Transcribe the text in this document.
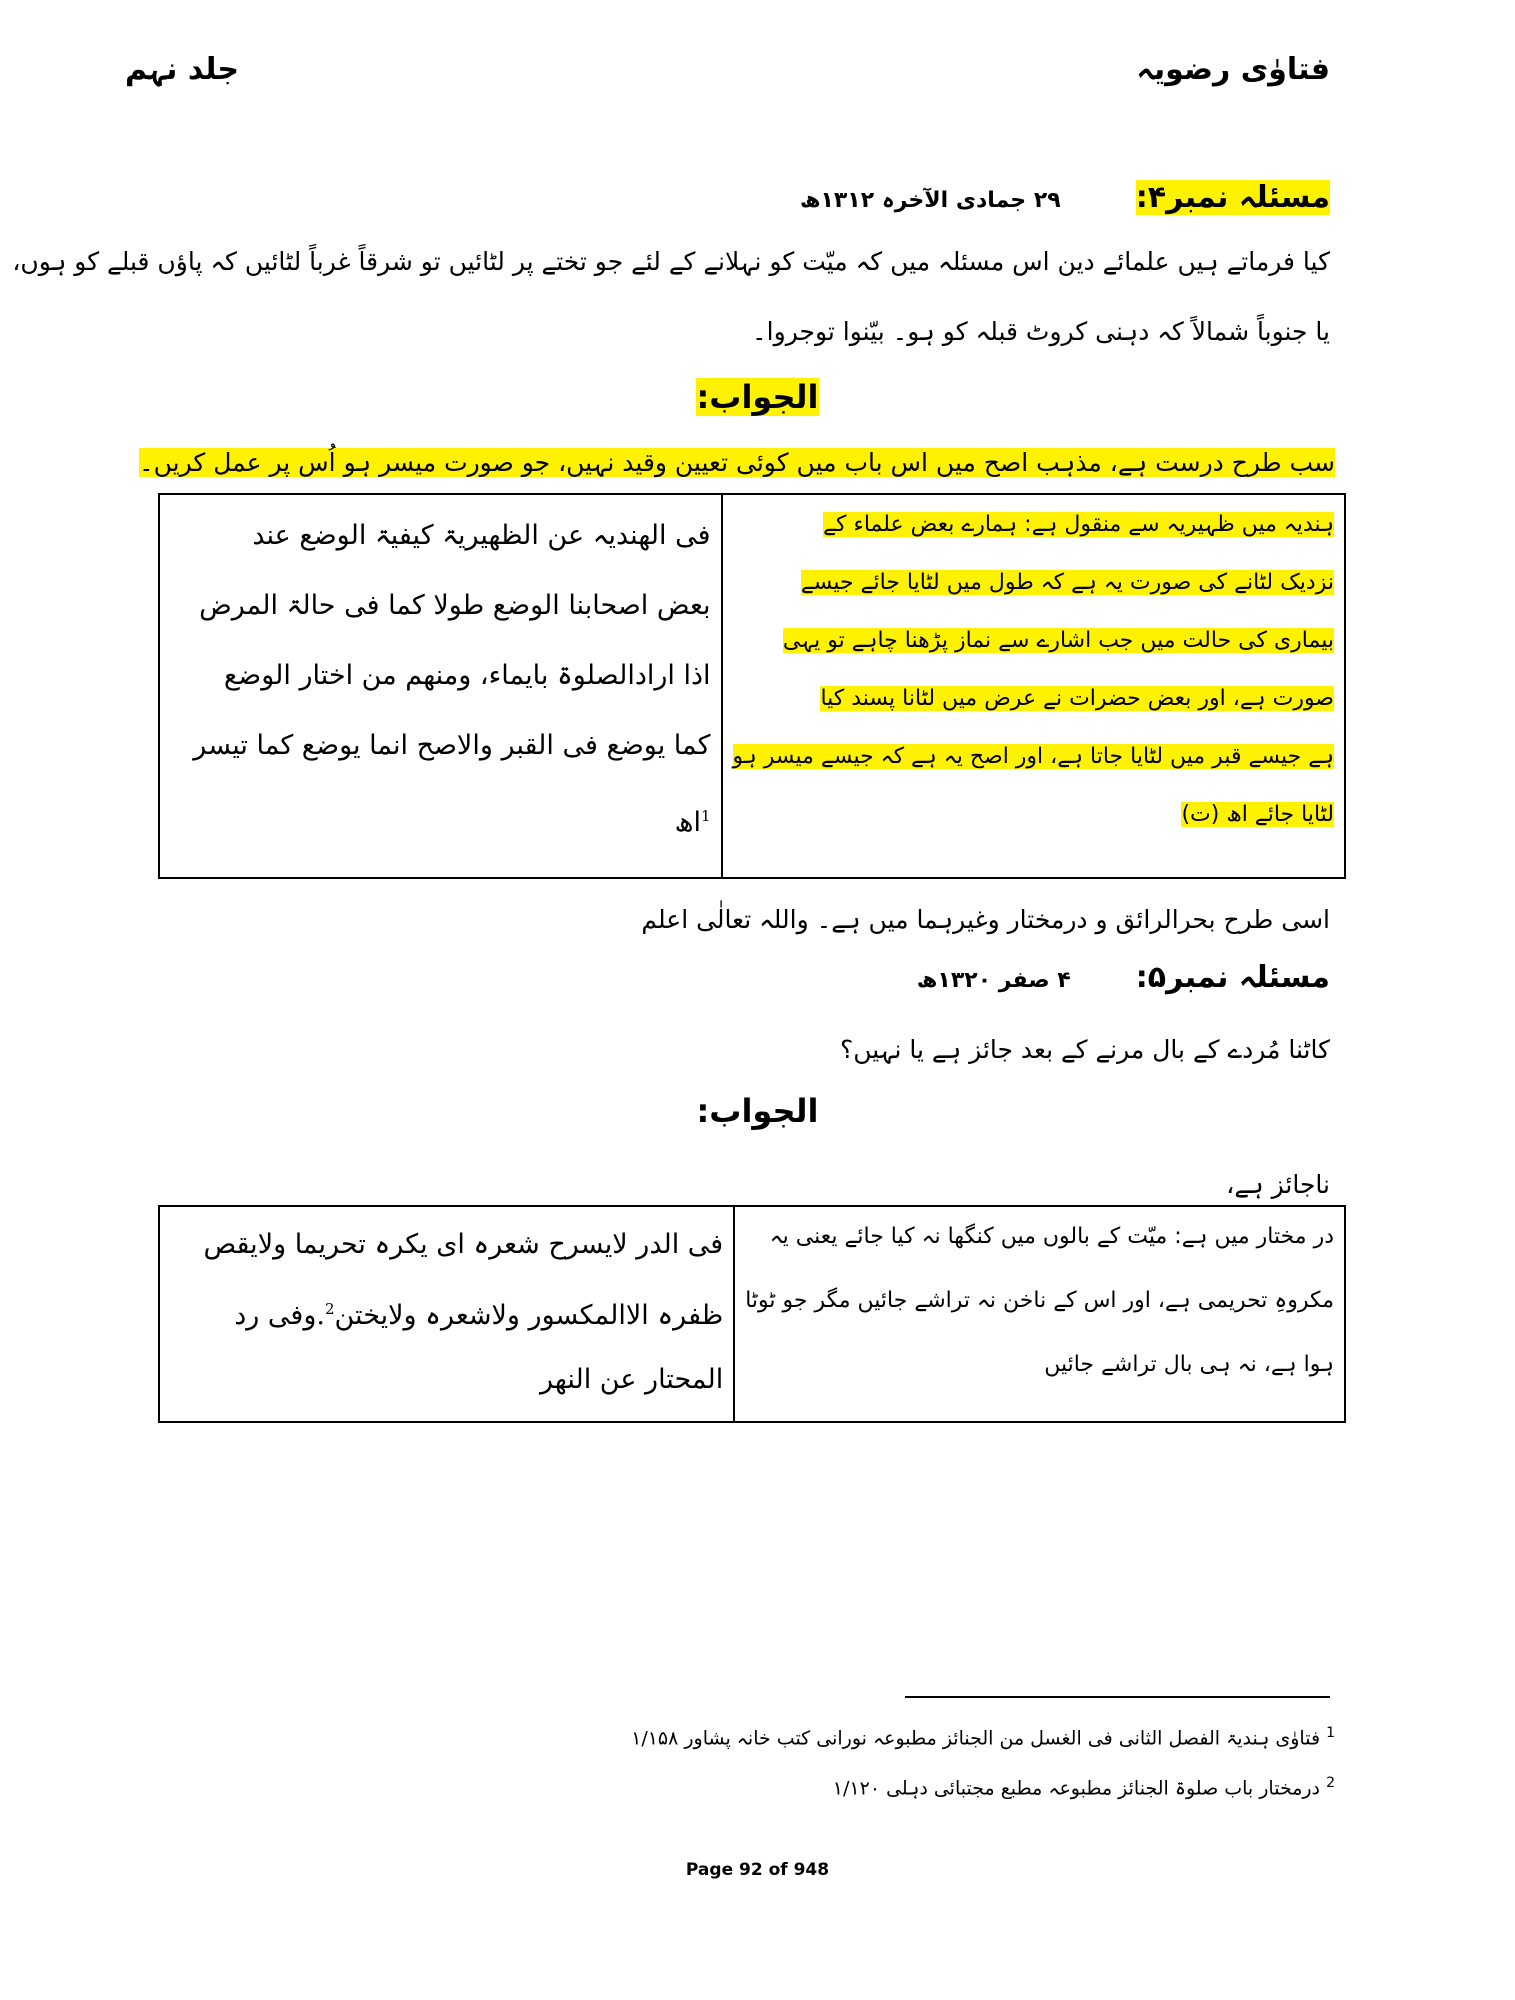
فتاوٰی رضویہ
جلد نہم
مسئلہ نمبر۴: ۲۹ جمادی الآخرہ ۱۳۱۲ھ
کیا فرماتے ہیں علمائے دین اس مسئلہ میں کہ میّت کو نہلانے کے لئے جو تختے پر لٹائیں تو شرقاً غرباً لٹائیں کہ پاؤں قبلے کو ہوں،
یا جنوباً شمالاً کہ دہنی کروٹ قبلہ کو ہو۔ بیّنوا توجروا۔
الجواب:
سب طرح درست ہے، مذہب اصح میں اس باب میں کوئی تعیین وقید نہیں، جو صورت میسر ہو اُس پر عمل کریں۔
فی الھندیہ عن الظھیریۃ کیفیۃ الوضع عند
بعض اصحابنا الوضع طولا کما فی حالۃ المرض
اذا ارادالصلوۃ بایماء، ومنھم من اختار الوضع
کما یوضع فی القبر والاصح انما یوضع کما تیسر
$^1$اھ

ہندیہ میں ظہیریہ سے منقول ہے: ہمارے بعض علماء کے
نزدیک لٹانے کی صورت یہ ہے کہ طول میں لٹایا جائے جیسے
بیماری کی حالت میں جب اشارے سے نماز پڑھنا چاہے تو یہی
صورت ہے، اور بعض حضرات نے عرض میں لٹانا پسند کیا
ہے جیسے قبر میں لٹایا جاتا ہے، اور اصح یہ ہے کہ جیسے میسر ہو
لٹایا جائے اھ (ت)
اسی طرح بحرالرائق و درمختار وغیرہما میں ہے۔ واللہ تعالٰی اعلم
مسئلہ نمبر۵: ۴ صفر ۱۳۲۰ھ
کاٹنا مُردے کے بال مرنے کے بعد جائز ہے یا نہیں؟
الجواب:
ناجائز ہے،
فی الدر لایسرح شعرہ ای یکرہ تحریما ولایقص
ظفرہ الاالمکسور ولاشعرہ ولایختن$^2$.وفی رد
المحتار عن النھر

در مختار میں ہے: میّت کے بالوں میں کنگھا نہ کیا جائے یعنی یہ
مکروہِ تحریمی ہے، اور اس کے ناخن نہ تراشے جائیں مگر جو ٹوٹا
ہوا ہے، نہ ہی بال تراشے جائیں
$^1$ فتاوٰی ہندیۃ الفصل الثانی فی الغسل من الجنائز مطبوعہ نورانی کتب خانہ پشاور ۱/۱۵۸
$^2$ درمختار باب صلوۃ الجنائز مطبوعہ مطبع مجتبائی دہلی ۱/۱۲۰
Page 92 of 948
